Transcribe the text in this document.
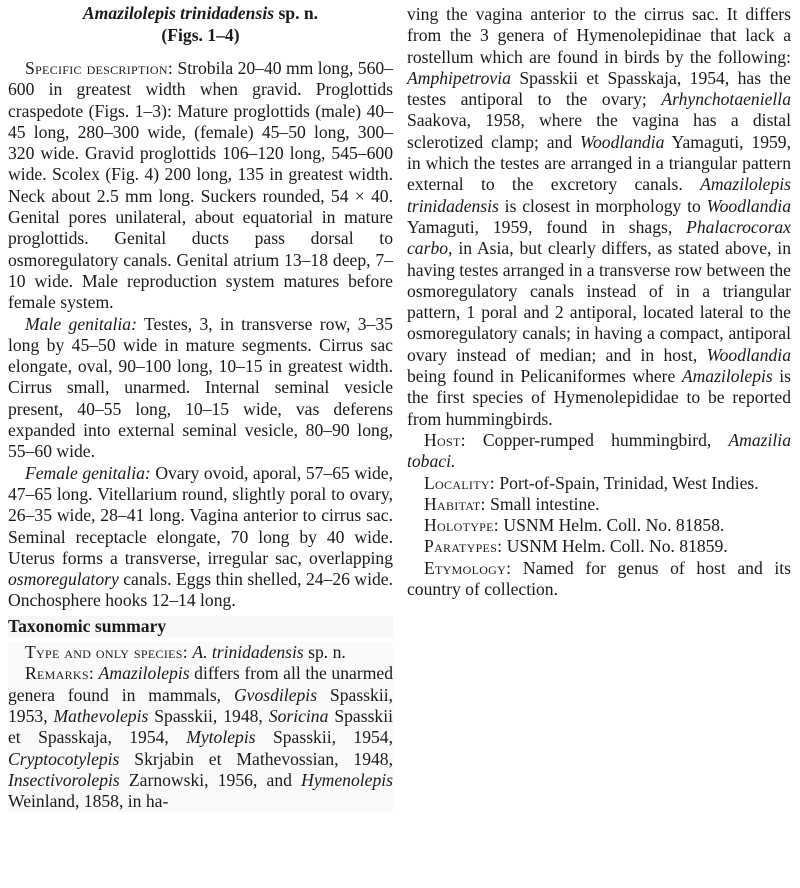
Amazilolepis trinidadensis sp. n.
(Figs. 1–4)

Specific description: Strobila 20–40 mm long, 560–600 in greatest width when gravid. Proglottids craspedote (Figs. 1–3): Mature proglottids (male) 40–45 long, 280–300 wide, (female) 45–50 long, 300–320 wide. Gravid proglottids 106–120 long, 545–600 wide. Scolex (Fig. 4) 200 long, 135 in greatest width. Neck about 2.5 mm long. Suckers rounded, 54 × 40. Genital pores unilateral, about equatorial in mature proglottids. Genital ducts pass dorsal to osmoregulatory canals. Genital atrium 13–18 deep, 7–10 wide. Male reproduction system matures before female system.

Male genitalia: Testes, 3, in transverse row, 3–35 long by 45–50 wide in mature segments. Cirrus sac elongate, oval, 90–100 long, 10–15 in greatest width. Cirrus small, unarmed. Internal seminal vesicle present, 40–55 long, 10–15 wide, vas deferens expanded into external seminal vesicle, 80–90 long, 55–60 wide.

Female genitalia: Ovary ovoid, aporal, 57–65 wide, 47–65 long. Vitellarium round, slightly poral to ovary, 26–35 wide, 28–41 long. Vagina anterior to cirrus sac. Seminal receptacle elongate, 70 long by 40 wide. Uterus forms a transverse, irregular sac, overlapping osmoregulatory canals. Eggs thin shelled, 24–26 wide. Onchosphere hooks 12–14 long.

Taxonomic summary

Type and only species: A. trinidadensis sp. n.

Remarks: Amazilolepis differs from all the unarmed genera found in mammals, Gvosdilepis Spasskii, 1953, Mathevolepis Spasskii, 1948, Soricina Spasskii et Spasskaja, 1954, Mytolepis Spasskii, 1954, Cryptocotylepis Skrjabin et Mathevossian, 1948, Insectivorolepis Zarnowski, 1956, and Hymenolepis Weinland, 1858, in ha-

ving the vagina anterior to the cirrus sac. It differs from the 3 genera of Hymenolepidinae that lack a rostellum which are found in birds by the following: Amphipetrovia Spasskii et Spasskaja, 1954, has the testes antiporal to the ovary; Arhynchotaeniella Saakova, 1958, where the vagina has a distal sclerotized clamp; and Woodlandia Yamaguti, 1959, in which the testes are arranged in a triangular pattern external to the excretory canals. Amazilolepis trinidadensis is closest in morphology to Woodlandia Yamaguti, 1959, found in shags, Phalacrocorax carbo, in Asia, but clearly differs, as stated above, in having testes arranged in a transverse row between the osmoregulatory canals instead of in a triangular pattern, 1 poral and 2 antiporal, located lateral to the osmoregulatory canals; in having a compact, antiporal ovary instead of median; and in host, Woodlandia being found in Pelicaniformes where Amazilolepis is the first species of Hymenolepididae to be reported from hummingbirds.

Host: Copper-rumped hummingbird, Amazilia tobaci.

Locality: Port-of-Spain, Trinidad, West Indies.

Habitat: Small intestine.

Holotype: USNM Helm. Coll. No. 81858.

Paratypes: USNM Helm. Coll. No. 81859.

Etymology: Named for genus of host and its country of collection.
